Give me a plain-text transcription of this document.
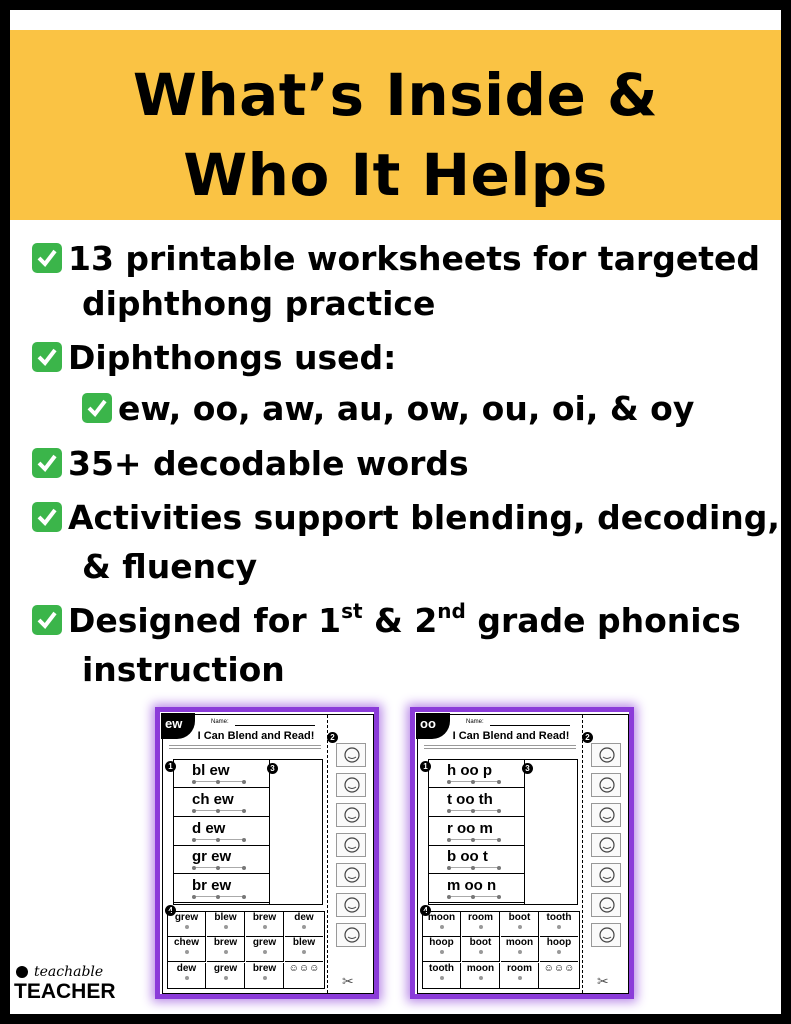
What’s Inside &
Who It Helps
13 printable worksheets for targeted
diphthong practice
Diphthongs used:
ew, oo, aw, au, ow, ou, oi, & oy
35+ decodable words
Activities support blending, decoding,
& fluency
Designed for 1st & 2nd grade phonics
instruction
ew	Name:
I Can Blend and Read!
bl ew
ch ew
d ew
gr ew
br ew
1
2
3
4
grew	blew	brew	dew
chew	brew	grew	blew
dew	grew	brew	☺☺☺
✂
oo	Name:
I Can Blend and Read!
h oo p
t oo th
r oo m
b oo t
m oo n
1
2
3
4
moon	room	boot	tooth
hoop	boot	moon	hoop
tooth	moon	room	☺☺☺
✂
teachable
TEACHER
